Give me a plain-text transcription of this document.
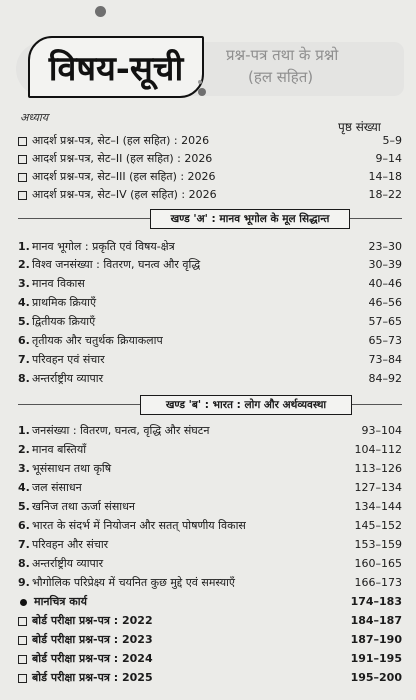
प्रश्न-पत्र तथा के प्रश्नो
(हल सहित)
विषय-सूची
अध्याय
पृष्ठ संख्या
आदर्श प्रश्न-पत्र, सेट–I (हल सहित) : 2026	5–9
आदर्श प्रश्न-पत्र, सेट–II (हल सहित) : 2026	9–14
आदर्श प्रश्न-पत्र, सेट–III (हल सहित) : 2026	14–18
आदर्श प्रश्न-पत्र, सेट–IV (हल सहित) : 2026	18–22
खण्ड 'अ' : मानव भूगोल के मूल सिद्धान्त
1. मानव भूगोल : प्रकृति एवं विषय-क्षेत्र	23–30
2. विश्व जनसंख्या : वितरण, घनत्व और वृद्धि	30–39
3. मानव विकास	40–46
4. प्राथमिक क्रियाएँ	46–56
5. द्वितीयक क्रियाएँ	57–65
6. तृतीयक और चतुर्थक क्रियाकलाप	65–73
7. परिवहन एवं संचार	73–84
8. अन्तर्राष्ट्रीय व्यापार	84–92
खण्ड 'ब' : भारत : लोग और अर्थव्यवस्था
1. जनसंख्या : वितरण, घनत्व, वृद्धि और संघटन	93–104
2. मानव बस्तियाँ	104–112
3. भूसंसाधन तथा कृषि	113–126
4. जल संसाधन	127–134
5. खनिज तथा ऊर्जा संसाधन	134–144
6. भारत के संदर्भ में नियोजन और सतत् पोषणीय विकास	145–152
7. परिवहन और संचार	153–159
8. अन्तर्राष्ट्रीय व्यापार	160–165
9. भौगोलिक परिप्रेक्ष्य में चयनित कुछ मुद्दे एवं समस्याएँ	166–173
मानचित्र कार्य	174–183
बोर्ड परीक्षा प्रश्न-पत्र : 2022	184–187
बोर्ड परीक्षा प्रश्न-पत्र : 2023	187–190
बोर्ड परीक्षा प्रश्न-पत्र : 2024	191–195
बोर्ड परीक्षा प्रश्न-पत्र : 2025	195–200
